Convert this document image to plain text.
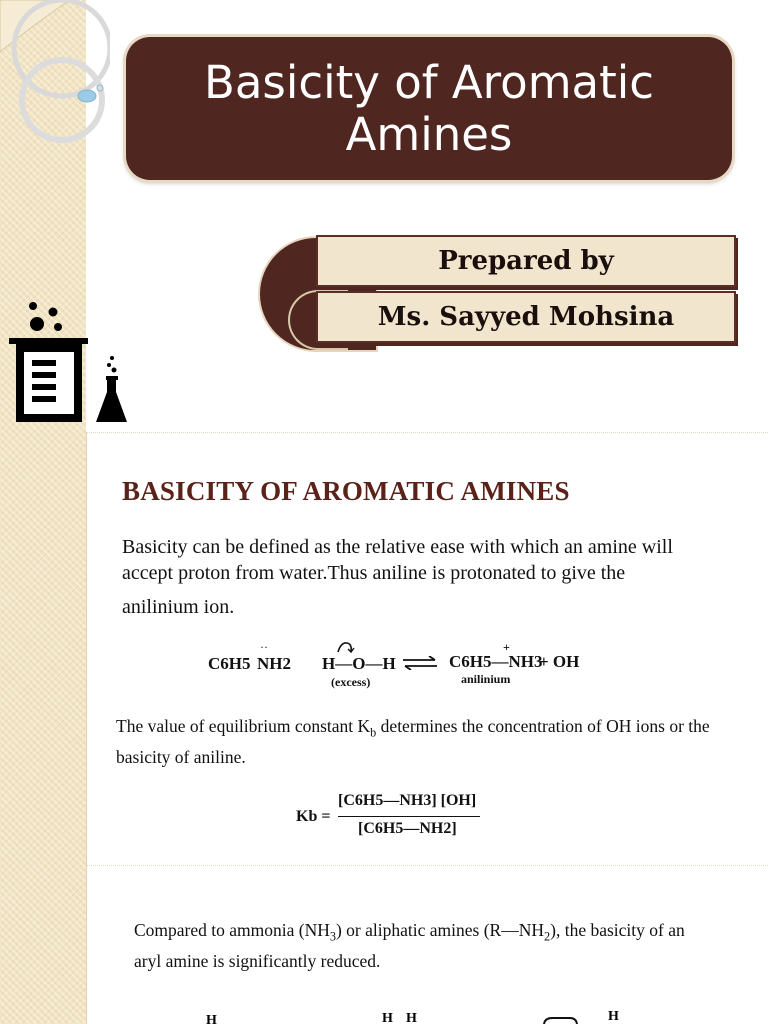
Basicity of Aromatic Amines
Prepared by
Ms. Sayyed Mohsina
BASICITY OF AROMATIC AMINES
Basicity can be defined as the relative ease with which an amine will accept proton from water.Thus aniline is protonated to give the
anilinium ion.
C6H5 NH2
··
H—O—H
(excess)
⇌ C6H5—NH3
+
anilinium
+ OH
The value of equilibrium constant $K_b$ determines the concentration of OH ions or the basicity of aniline.
Kb =
[C6H5—NH3] [OH]
[C6H5—NH2]
Compared to ammonia $(NH_3)$ or aliphatic amines $(R—NH_2)$, the basicity of an aryl amine is significantly reduced.
H	H H	H
